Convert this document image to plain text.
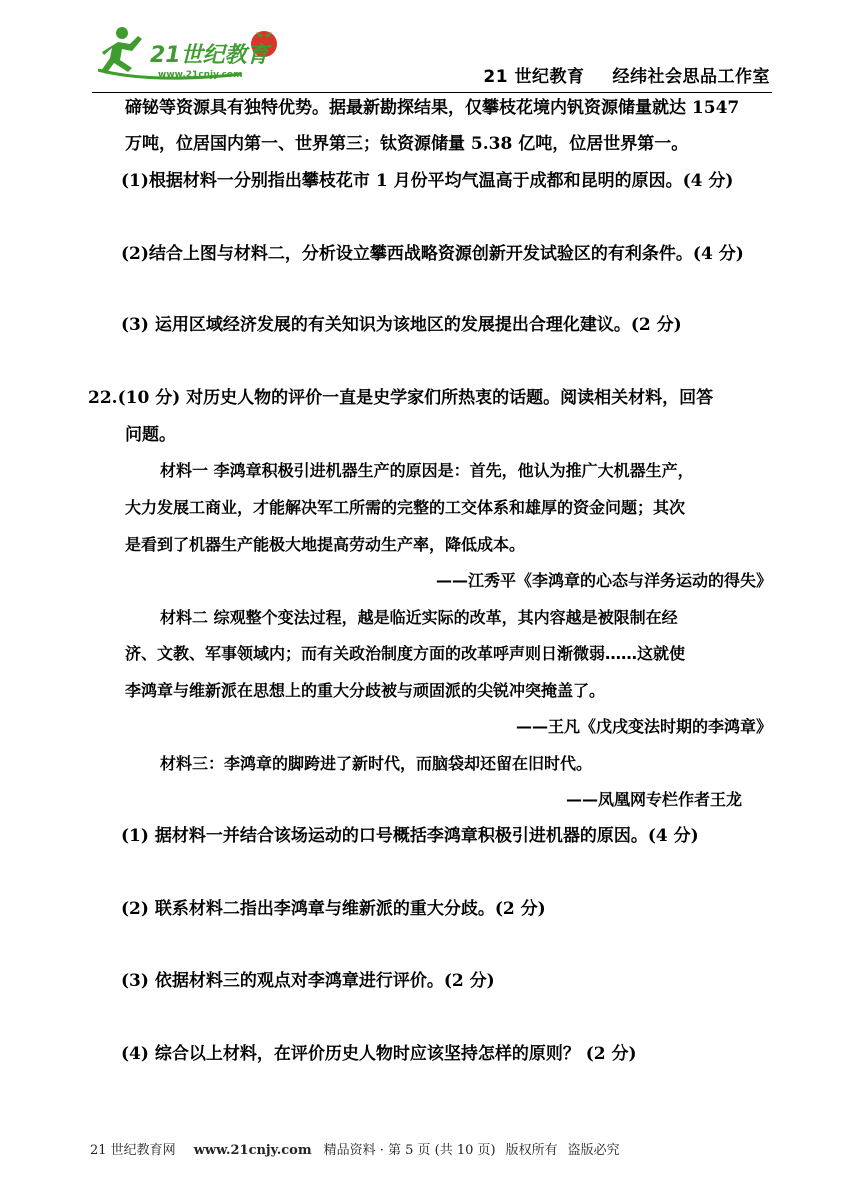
21世纪教育
www.21cnjy.com	21 世纪教育 经纬社会思品工作室
碲铋等资源具有独特优势。据最新勘探结果，仅攀枝花境内钒资源储量就达 1547
万吨，位居国内第一、世界第三；钛资源储量 5.38 亿吨，位居世界第一。
(1)根据材料一分别指出攀枝花市 1 月份平均气温高于成都和昆明的原因。(4 分)
(2)结合上图与材料二，分析设立攀西战略资源创新开发试验区的有利条件。(4 分)
(3) 运用区域经济发展的有关知识为该地区的发展提出合理化建议。(2 分)
22.(10 分) 对历史人物的评价一直是史学家们所热衷的话题。阅读相关材料，回答
问题。
材料一 李鸿章积极引进机器生产的原因是：首先，他认为推广大机器生产，
大力发展工商业，才能解决军工所需的完整的工交体系和雄厚的资金问题；其次
是看到了机器生产能极大地提高劳动生产率，降低成本。
——江秀平《李鸿章的心态与洋务运动的得失》
材料二 综观整个变法过程，越是临近实际的改革，其内容越是被限制在经
济、文教、军事领域内；而有关政治制度方面的改革呼声则日渐微弱……这就使
李鸿章与维新派在思想上的重大分歧被与顽固派的尖锐冲突掩盖了。
——王凡《戊戌变法时期的李鸿章》
材料三：李鸿章的脚跨进了新时代，而脑袋却还留在旧时代。
——凤凰网专栏作者王龙
(1) 据材料一并结合该场运动的口号概括李鸿章积极引进机器的原因。(4 分)
(2) 联系材料二指出李鸿章与维新派的重大分歧。(2 分)
(3) 依据材料三的观点对李鸿章进行评价。(2 分)
(4) 综合以上材料，在评价历史人物时应该坚持怎样的原则？ (2 分)
21 世纪教育网 www.21cnjy.com 精品资料 · 第 5 页 (共 10 页) 版权所有 盗版必究
